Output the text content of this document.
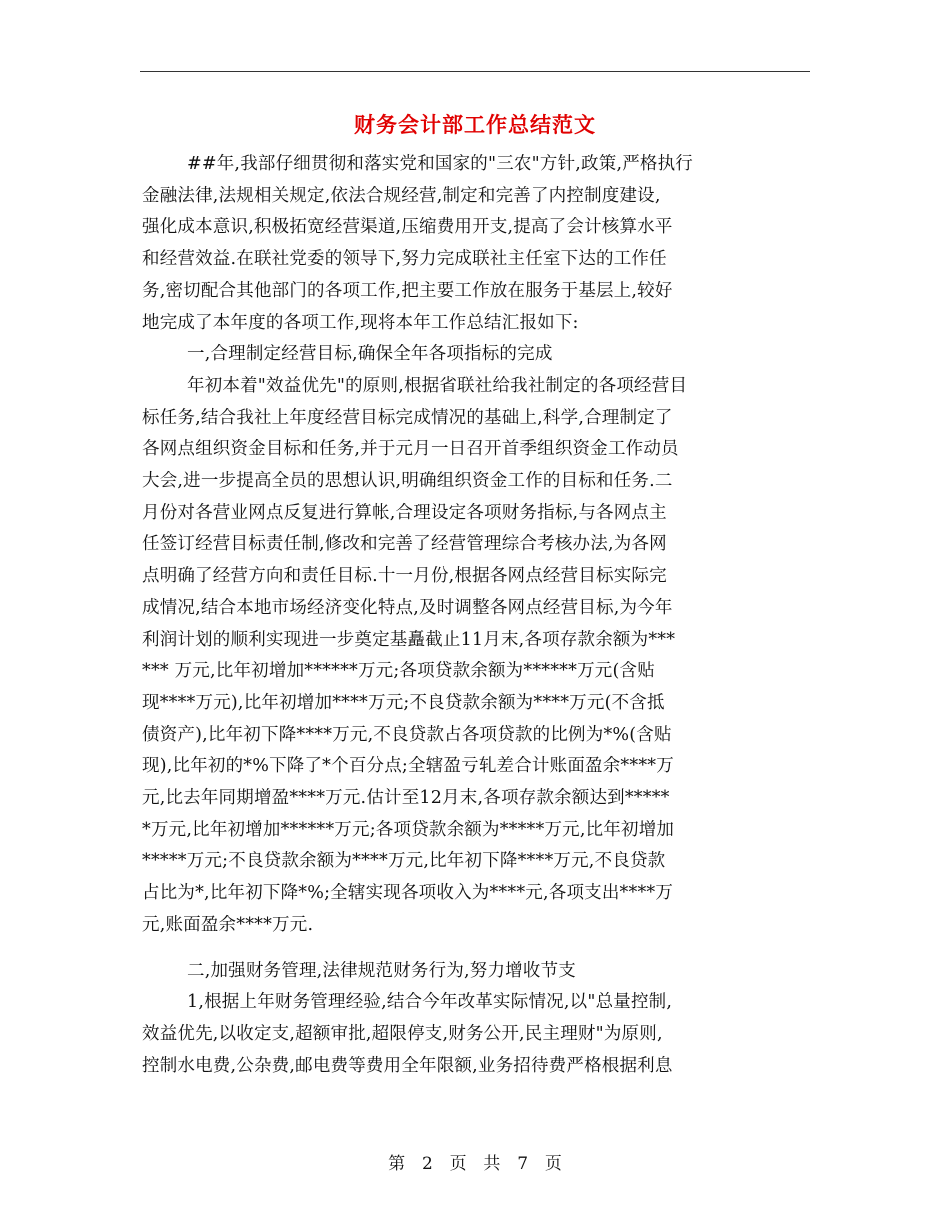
财务会计部工作总结范文
##年,我部仔细贯彻和落实党和国家的"三农"方针,政策,严格执行
金融法律,法规相关规定,依法合规经营,制定和完善了内控制度建设,
强化成本意识,积极拓宽经营渠道,压缩费用开支,提高了会计核算水平
和经营效益.在联社党委的领导下,努力完成联社主任室下达的工作任
务,密切配合其他部门的各项工作,把主要工作放在服务于基层上,较好
地完成了本年度的各项工作,现将本年工作总结汇报如下:
一,合理制定经营目标,确保全年各项指标的完成
年初本着"效益优先"的原则,根据省联社给我社制定的各项经营目
标任务,结合我社上年度经营目标完成情况的基础上,科学,合理制定了
各网点组织资金目标和任务,并于元月一日召开首季组织资金工作动员
大会,进一步提高全员的思想认识,明确组织资金工作的目标和任务.二
月份对各营业网点反复进行算帐,合理设定各项财务指标,与各网点主
任签订经营目标责任制,修改和完善了经营管理综合考核办法,为各网
点明确了经营方向和责任目标.十一月份,根据各网点经营目标实际完
成情况,结合本地市场经济变化特点,及时调整各网点经营目标,为今年
利润计划的顺利实现进一步奠定基矗截止11月末,各项存款余额为***
*** 万元,比年初增加******万元;各项贷款余额为******万元(含贴
现****万元),比年初增加****万元;不良贷款余额为****万元(不含抵
债资产),比年初下降****万元,不良贷款占各项贷款的比例为*%(含贴
现),比年初的*%下降了*个百分点;全辖盈亏轧差合计账面盈余****万
元,比去年同期增盈****万元.估计至12月末,各项存款余额达到*****
*万元,比年初增加******万元;各项贷款余额为*****万元,比年初增加
*****万元;不良贷款余额为****万元,比年初下降****万元,不良贷款
占比为*,比年初下降*%;全辖实现各项收入为****元,各项支出****万
元,账面盈余****万元.
二,加强财务管理,法律规范财务行为,努力增收节支
1,根据上年财务管理经验,结合今年改革实际情况,以"总量控制,
效益优先,以收定支,超额审批,超限停支,财务公开,民主理财"为原则,
控制水电费,公杂费,邮电费等费用全年限额,业务招待费严格根据利息
第  2  页  共  7  页
